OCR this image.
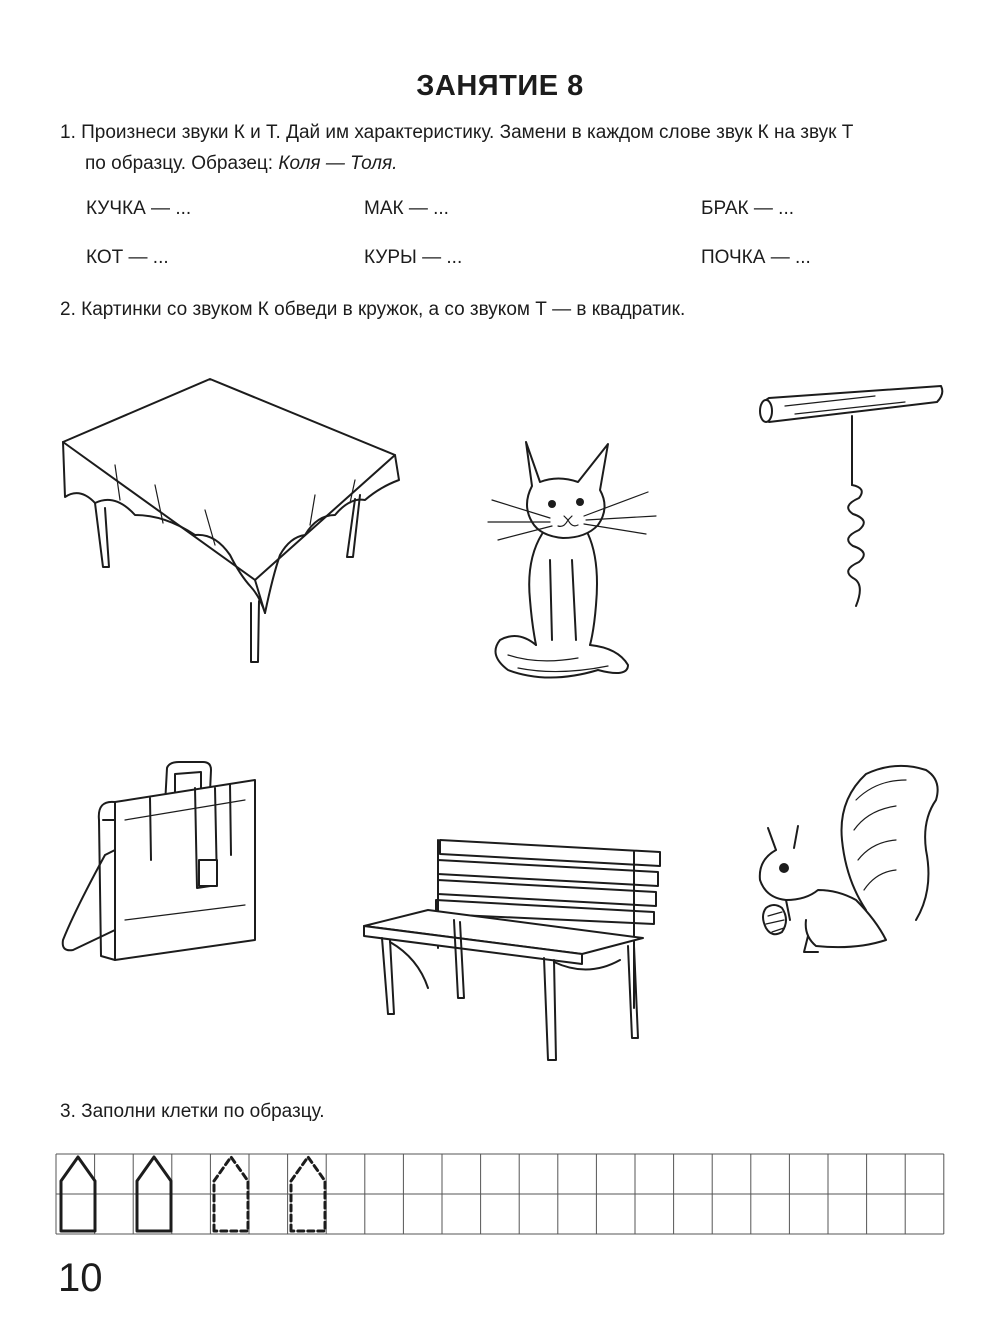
ЗАНЯТИЕ 8
1. Произнеси звуки К и Т. Дай им характеристику. Замени в каждом слове звук К на звук Т
по образцу. Образец: Коля — Толя.
КУЧКА — ...	МАК — ...	БРАК — ...
КОТ — ...	КУРЫ — ...	ПОЧКА — ...
2. Картинки со звуком К обведи в кружок, а со звуком Т — в квадратик.
3. Заполни клетки по образцу.
10
